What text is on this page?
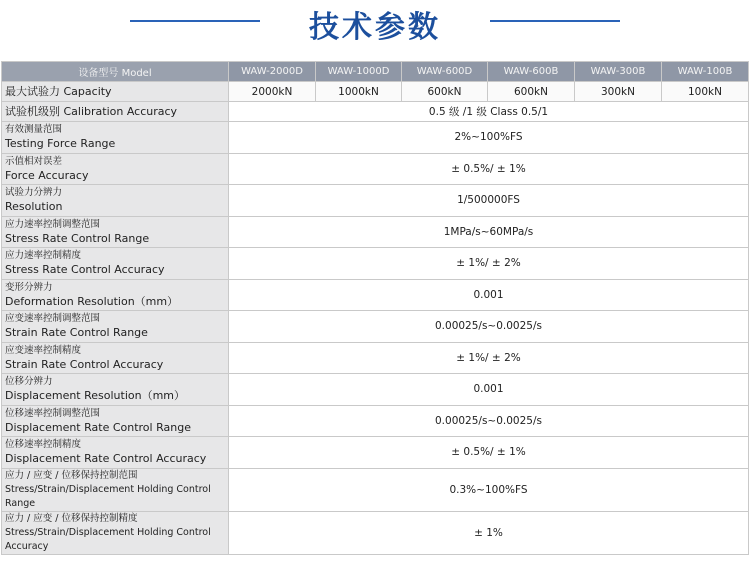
技术参数
设备型号 Model	WAW-2000D	WAW-1000D	WAW-600D	WAW-600B	WAW-300B	WAW-100B
最大试验力 Capacity	2000kN	1000kN	600kN	600kN	300kN	100kN
试验机级别 Calibration Accuracy	0.5 级 /1 级 Class 0.5/1					

有效测量范围
Testing Force Range	2%~100%FS					

示值相对误差
Force Accuracy	± 0.5%/ ± 1%					

试验力分辨力
Resolution	1/500000FS					

应力速率控制调整范围
Stress Rate Control Range	1MPa/s~60MPa/s					

应力速率控制精度
Stress Rate Control Accuracy	± 1%/ ± 2%					

变形分辨力
Deformation Resolution（mm）	0.001					

应变速率控制调整范围
Strain Rate Control Range	0.00025/s~0.0025/s					

应变速率控制精度
Strain Rate Control Accuracy	± 1%/ ± 2%					

位移分辨力
Displacement Resolution（mm）	0.001					

位移速率控制调整范围
Displacement Rate Control Range	0.00025/s~0.0025/s					

位移速率控制精度
Displacement Rate Control Accuracy	± 0.5%/ ± 1%					

应力 / 应变 / 位移保持控制范围
Stress/Strain/Displacement Holding Control Range	0.3%~100%FS					

应力 / 应变 / 位移保持控制精度
Stress/Strain/Displacement Holding Control Accuracy	± 1%					
